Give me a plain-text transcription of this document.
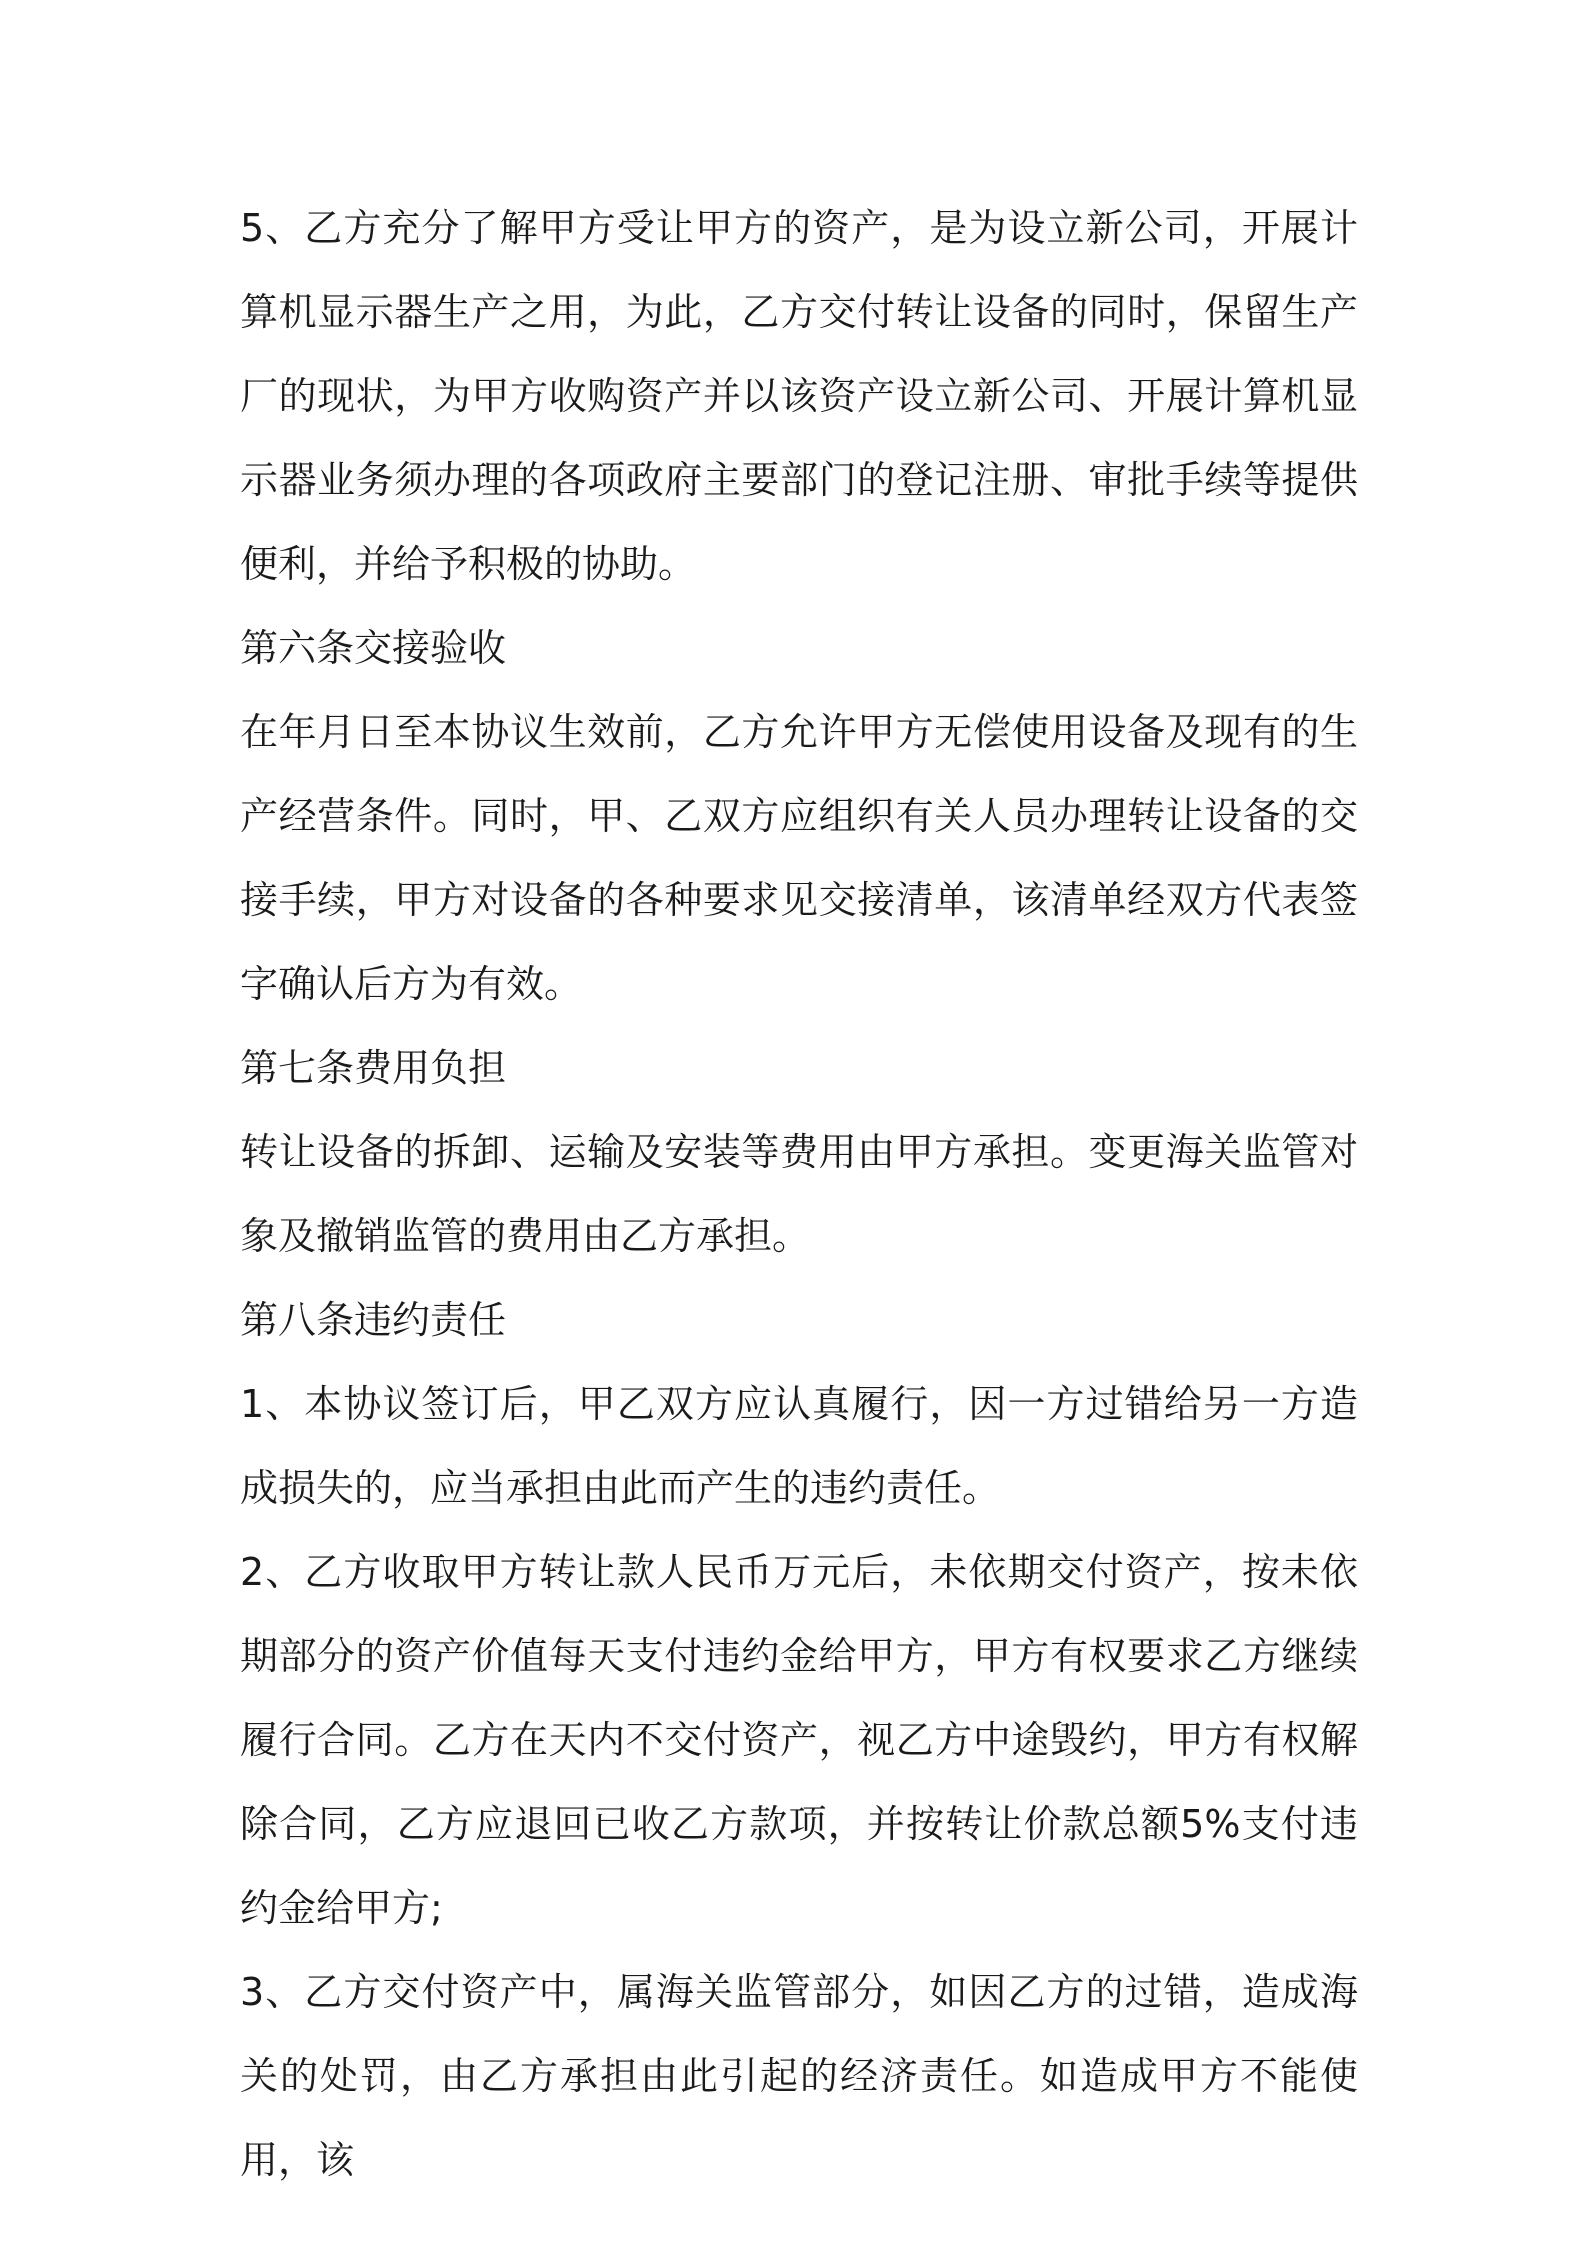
5、乙方充分了解甲方受让甲方的资产，是为设立新公司，开展计算机显示器生产之用，为此，乙方交付转让设备的同时，保留生产厂的现状，为甲方收购资产并以该资产设立新公司、开展计算机显示器业务须办理的各项政府主要部门的登记注册、审批手续等提供便利，并给予积极的协助。

第六条交接验收

在年月日至本协议生效前，乙方允许甲方无偿使用设备及现有的生产经营条件。同时，甲、乙双方应组织有关人员办理转让设备的交接手续，甲方对设备的各种要求见交接清单，该清单经双方代表签字确认后方为有效。

第七条费用负担

转让设备的拆卸、运输及安装等费用由甲方承担。变更海关监管对象及撤销监管的费用由乙方承担。

第八条违约责任

1、本协议签订后，甲乙双方应认真履行，因一方过错给另一方造成损失的，应当承担由此而产生的违约责任。

2、乙方收取甲方转让款人民币万元后，未依期交付资产，按未依期部分的资产价值每天支付违约金给甲方，甲方有权要求乙方继续履行合同。乙方在天内不交付资产，视乙方中途毁约，甲方有权解除合同，乙方应退回已收乙方款项，并按转让价款总额5%支付违约金给甲方;

3、乙方交付资产中，属海关监管部分，如因乙方的过错，造成海关的处罚，由乙方承担由此引起的经济责任。如造成甲方不能使用，该
